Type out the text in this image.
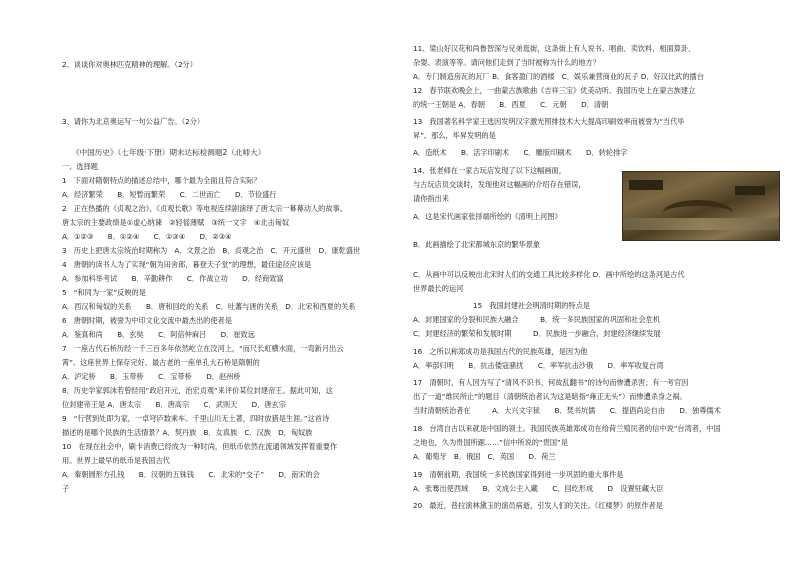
2、谈谈你对奥林匹克精神的理解。（2分）
3、请你为北京奥运写一句公益广告。（2分）
《中国历史》（七年级·下册）期末达标检测题2（北师大）
一、选择题
1　下面对隋朝特点的描述总结中，哪个最为全面且符合实际？
A．经济繁荣　　B．短暂而繁荣　　C．二世而亡　　D．节俭盛行
2　正在热播的《贞观之治》、《贞观长歌》等电视连续剧演绎了唐太宗一幕幕动人的故事。
唐太宗的主要政绩是①虚心纳谏　②轻徭薄赋　③统一文字　④北击匈奴
A．①②③　　B．①②④　　C．①③④　　D．②③④
3　历史上把唐太宗统治时期称为　A．文景之治　B．贞观之治　C．开元盛世　D．康乾盛世
4　唐朝的读书人为了实现“朝为田舍郎，暮登天子堂”的理想，最佳途径应该是
A．参加科举考试　　B．辛勤耕作　　C．作战立功　　D．经商致富
5　“和同为一家”反映的是
A．西汉和匈奴的关系　　B．唐和回纥的关系　C．吐蕃与唐的关系　D．北宋和西夏的关系
6　唐朝时期，被誉为中印文化交流中最杰出的使者是
A．鉴真和尚　　B．玄奘　　C．阿倍仲麻吕　　D．崔致远
7　一座古代石桥历经一千三百多年依然屹立在洨河上，“而尺长虹横水面，一弯新月出云
霄”。这座世界上保存完好、最古老的一座单孔大石桥是隋朝的
A．泸定桥　　B．玉带桥　　C．宝带桥　　D．赵州桥
8．历史学家郭沫若曾经用“政启开元，治宏贞观”来评价某位封建帝王。据此可知，这
位封建帝王是 A．唐太宗　　B．唐高宗　　C．武则天　　D．唐玄宗
9　“行营到处即为家，一卓穹庐数乘车。千里山川无土著，四时放猎是生涯。”这首诗
描述的是哪个民族的生活情景？A．契丹族　B．女真族　C．汉族　D．匈奴族
10　在现在社会中，刷卡消费已经成为一种时尚，但纸币依然在流通领域发挥着重要作
用。世界上最早的纸币是我国古代
A．秦朝圆形方孔钱　　B．汉朝的五铢钱　　C．北宋的“交子”　　D．南宋的会
子
11、梁山好汉花和尚鲁智深与兄弟逛街，这条街上有人说书、唱曲、卖饮料，相面算卦、
杂耍、表演等等。请问他们走到了当时被称为什么的地方？
A．专门制造房瓦的瓦厂 B．食客盈门的酒楼　C．娱乐兼营商业的瓦子 D．好汉比武的擂台
12　春节联欢晚会上，一曲蒙古族歌曲《吉祥三宝》优美动听。我国历史上在蒙古族建立
的统一王朝是 A．春朝　　B．西夏　　C．元朝　　D．清朝
13　我国著名科学家王选因发明汉字激光照排技术大大提高印刷效率而被誉为“当代毕
昇”。那么，毕昇发明的是
A．造纸术　　B．活字印刷术　　C．雕版印刷术　　D．转轮排字
14、张老师在一家古玩店发现了以下这幅画面，
与古玩店员交谈时，发现他对这幅画的介绍存在错误，
请你指出来
A．这是宋代画家张择端所绘的《清明上河图》
B．此画描绘了北宋都城东京的繁华景象
C．从画中可以反映出北宋时人们的交通工具比较多样化 D．画中所绘的这条河是古代
世界最长的运河
15　我国封建社会明清时期的特点是
A．封建国家的分裂和民族大融合　　　B．统一多民族国家的巩固和社会危机
C．封建经济的繁荣和发展时期　　　D．民族进一步融合，封建经济继续发展
16　之所以称郑成功是我国古代的民族英雄，是因为他
A．率部归明　　B．抗击倭寇骚扰　　C．率军抗击沙俄　　D．率军收复台湾
17　清朝时，有人因为写了“清风不识书，何故乱翻书”的诗句而惨遭杀害；有一考官因
出了一道“维民所止”的题目（清朝统治者认为这是暗指“雍正无头”）而惨遭杀身之祸。
当时清朝统治者在　　　A．大兴文字狱　　B．焚书坑儒　　C．提倡尚论自由　　D．独尊儒术
18　台湾自古以来就是中国的领土。我国民族英雄郑成功在给荷兰殖民者的信中说“台湾者，中国
之地也，久为贵国所踞……”信中所说的“贵国”是
A．葡萄牙　B．俄国　C．英国　　D．荷兰
19　清朝前期，我国统一多民族国家得到进一步巩固的重大事件是
A．张骞出使西域　　B．文成公主入藏　　C．回纥形成　　D　设置驻藏大臣
20　最近，普拉演林黛玉的演员病逝，引发人们的关注。《红楼梦》的原作者是
